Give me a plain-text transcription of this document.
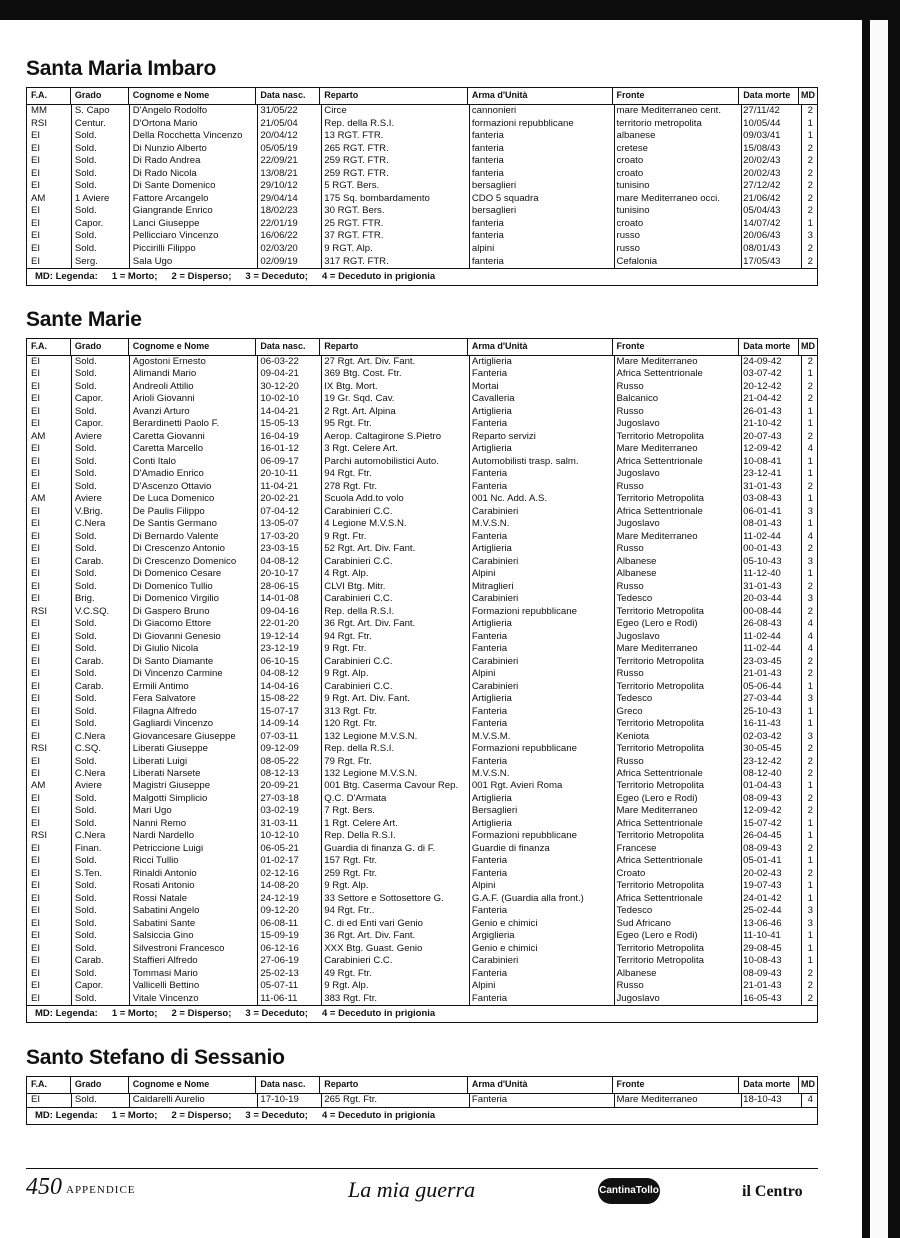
Santa Maria Imbaro
F.A.	Grado	Cognome e Nome	Data nasc.	Reparto	Arma d'Unità	Fronte	Data morte	MD
MM	S. Capo	D'Angelo Rodolfo	31/05/22	Circe	cannonieri	mare Mediterraneo cent.	27/11/42	2
RSI	Centur.	D'Ortona Mario	21/05/04	Rep. della R.S.I.	formazioni repubblicane	territorio metropolita	10/05/44	1
EI	Sold.	Della Rocchetta Vincenzo	20/04/12	13 RGT. FTR.	fanteria	albanese	09/03/41	1
EI	Sold.	Di Nunzio Alberto	05/05/19	265 RGT. FTR.	fanteria	cretese	15/08/43	2
EI	Sold.	Di Rado Andrea	22/09/21	259 RGT. FTR.	fanteria	croato	20/02/43	2
EI	Sold.	Di Rado Nicola	13/08/21	259 RGT. FTR.	fanteria	croato	20/02/43	2
EI	Sold.	Di Sante Domenico	29/10/12	5 RGT. Bers.	bersaglieri	tunisino	27/12/42	2
AM	1 Aviere	Fattore Arcangelo	29/04/14	175 Sq. bombardamento	CDO 5 squadra	mare Mediterraneo occi.	21/06/42	2
EI	Sold.	Giangrande Enrico	18/02/23	30 RGT. Bers.	bersaglieri	tunisino	05/04/43	2
EI	Capor.	Lanci Giuseppe	22/01/19	25 RGT. FTR.	fanteria	croato	14/07/42	1
EI	Sold.	Pellicciaro Vincenzo	16/06/22	37 RGT. FTR.	fanteria	russo	20/06/43	3
EI	Sold.	Piccirilli Filippo	02/03/20	9 RGT. Alp.	alpini	russo	08/01/43	2
EI	Serg.	Sala Ugo	02/09/19	317 RGT. FTR.	fanteria	Cefalonia	17/05/43	2
MD: Legenda: 1 = Morto; 2 = Disperso; 3 = Deceduto; 4 = Deceduto in prigionia
Sante Marie
F.A.	Grado	Cognome e Nome	Data nasc.	Reparto	Arma d'Unità	Fronte	Data morte	MD
EI	Sold.	Agostoni Ernesto	06-03-22	27 Rgt. Art. Div. Fant.	Artiglieria	Mare Mediterraneo	24-09-42	2
EI	Sold.	Alimandi Mario	09-04-21	369 Btg. Cost. Ftr.	Fanteria	Africa Settentrionale	03-07-42	1
EI	Sold.	Andreoli Attilio	30-12-20	IX Btg. Mort.	Mortai	Russo	20-12-42	2
EI	Capor.	Arioli Giovanni	10-02-10	19 Gr. Sqd. Cav.	Cavalleria	Balcanico	21-04-42	2
EI	Sold.	Avanzi Arturo	14-04-21	2 Rgt. Art. Alpina	Artiglieria	Russo	26-01-43	1
EI	Capor.	Berardinetti Paolo F.	15-05-13	95 Rgt. Ftr.	Fanteria	Jugoslavo	21-10-42	1
AM	Aviere	Caretta Giovanni	16-04-19	Aerop. Caltagirone S.Pietro	Reparto servizi	Territorio Metropolita	20-07-43	2
EI	Sold.	Caretta Marcello	16-01-12	3 Rgt. Celere Art.	Artiglieria	Mare Mediterraneo	12-09-42	4
EI	Sold.	Conti Italo	06-09-17	Parchi automobilistici Auto.	Automobilisti trasp. salm.	Africa Settentrionale	10-08-41	1
EI	Sold.	D'Amadio Enrico	20-10-11	94 Rgt. Ftr.	Fanteria	Jugoslavo	23-12-41	1
EI	Sold.	D'Ascenzo Ottavio	11-04-21	278 Rgt. Ftr.	Fanteria	Russo	31-01-43	2
AM	Aviere	De Luca Domenico	20-02-21	Scuola Add.to volo	001 Nc. Add. A.S.	Territorio Metropolita	03-08-43	1
EI	V.Brig.	De Paulis Filippo	07-04-12	Carabinieri C.C.	Carabinieri	Africa Settentrionale	06-01-41	3
EI	C.Nera	De Santis Germano	13-05-07	4 Legione M.V.S.N.	M.V.S.N.	Jugoslavo	08-01-43	1
EI	Sold.	Di Bernardo Valente	17-03-20	9 Rgt. Ftr.	Fanteria	Mare Mediterraneo	11-02-44	4
EI	Sold.	Di Crescenzo Antonio	23-03-15	52 Rgt. Art. Div. Fant.	Artiglieria	Russo	00-01-43	2
EI	Carab.	Di Crescenzo Domenico	04-08-12	Carabinieri C.C.	Carabinieri	Albanese	05-10-43	3
EI	Sold.	Di Domenico Cesare	20-10-17	4 Rgt. Alp.	Alpini	Albanese	11-12-40	1
EI	Sold.	Di Domenico Tullio	28-06-15	CLVI Btg. Mitr.	Mitraglieri	Russo	31-01-43	2
EI	Brig.	Di Domenico Virgilio	14-01-08	Carabinieri C.C.	Carabinieri	Tedesco	20-03-44	3
RSI	V.C.SQ.	Di Gaspero Bruno	09-04-16	Rep. della R.S.I.	Formazioni repubblicane	Territorio Metropolita	00-08-44	2
EI	Sold.	Di Giacomo Ettore	22-01-20	36 Rgt. Art. Div. Fant.	Artiglieria	Egeo (Lero e Rodi)	26-08-43	4
EI	Sold.	Di Giovanni Genesio	19-12-14	94 Rgt. Ftr.	Fanteria	Jugoslavo	11-02-44	4
EI	Sold.	Di Giulio Nicola	23-12-19	9 Rgt. Ftr.	Fanteria	Mare Mediterraneo	11-02-44	4
EI	Carab.	Di Santo Diamante	06-10-15	Carabinieri C.C.	Carabinieri	Territorio Metropolita	23-03-45	2
EI	Sold.	Di Vincenzo Carmine	04-08-12	9 Rgt. Alp.	Alpini	Russo	21-01-43	2
EI	Carab.	Ermili Antimo	14-04-16	Carabinieri C.C.	Carabinieri	Territorio Metropolita	05-06-44	1
EI	Sold.	Fera Salvatore	15-08-22	9 Rgt. Art. Div. Fant.	Artiglieria	Tedesco	27-03-44	3
EI	Sold.	Filagna Alfredo	15-07-17	313 Rgt. Ftr.	Fanteria	Greco	25-10-43	1
EI	Sold.	Gagliardi Vincenzo	14-09-14	120 Rgt. Ftr.	Fanteria	Territorio Metropolita	16-11-43	1
EI	C.Nera	Giovancesare Giuseppe	07-03-11	132 Legione M.V.S.N.	M.V.S.M.	Keniota	02-03-42	3
RSI	C.SQ.	Liberati Giuseppe	09-12-09	Rep. della R.S.I.	Formazioni repubblicane	Territorio Metropolita	30-05-45	2
EI	Sold.	Liberati Luigi	08-05-22	79 Rgt. Ftr.	Fanteria	Russo	23-12-42	2
EI	C.Nera	Liberati Narsete	08-12-13	132 Legione M.V.S.N.	M.V.S.N.	Africa Settentrionale	08-12-40	2
AM	Aviere	Magistri Giuseppe	20-09-21	001 Btg. Caserma Cavour Rep.	001 Rgt. Avieri Roma	Territorio Metropolita	01-04-43	1
EI	Sold.	Malgotti Simplicio	27-03-18	Q.C. D'Armata	Artiglieria	Egeo (Lero e Rodi)	08-09-43	2
EI	Sold.	Mari Ugo	03-02-19	7 Rgt. Bers.	Bersaglieri	Mare Mediterraneo	12-09-42	2
EI	Sold.	Nanni Remo	31-03-11	1 Rgt. Celere Art.	Artiglieria	Africa Settentrionale	15-07-42	1
RSI	C.Nera	Nardi Nardello	10-12-10	Rep. Della R.S.I.	Formazioni repubblicane	Territorio Metropolita	26-04-45	1
EI	Finan.	Petriccione Luigi	06-05-21	Guardia di finanza G. di F.	Guardie di finanza	Francese	08-09-43	2
EI	Sold.	Ricci Tullio	01-02-17	157 Rgt. Ftr.	Fanteria	Africa Settentrionale	05-01-41	1
EI	S.Ten.	Rinaldi Antonio	02-12-16	259 Rgt. Ftr.	Fanteria	Croato	20-02-43	2
EI	Sold.	Rosati Antonio	14-08-20	9 Rgt. Alp.	Alpini	Territorio Metropolita	19-07-43	1
EI	Sold.	Rossi Natale	24-12-19	33 Settore e Sottosettore G.	G.A.F. (Guardia alla front.)	Africa Settentrionale	24-01-42	1
EI	Sold.	Sabatini Angelo	09-12-20	94 Rgt. Ftr..	Fanteria	Tedesco	25-02-44	3
EI	Sold.	Sabatini Sante	06-08-11	C. di ed Enti vari Genio	Genio e chimici	Sud Africano	13-06-46	3
EI	Sold.	Salsiccia Gino	15-09-19	36 Rgt. Art. Div. Fant.	Argiglieria	Egeo (Lero e Rodi)	11-10-41	1
EI	Sold.	Silvestroni Francesco	06-12-16	XXX Btg. Guast. Genio	Genio e chimici	Territorio Metropolita	29-08-45	1
EI	Carab.	Staffieri Alfredo	27-06-19	Carabinieri C.C.	Carabinieri	Territorio Metropolita	10-08-43	1
EI	Sold.	Tommasi Mario	25-02-13	49 Rgt. Ftr.	Fanteria	Albanese	08-09-43	2
EI	Capor.	Vallicelli Bettino	05-07-11	9 Rgt. Alp.	Alpini	Russo	21-01-43	2
EI	Sold.	Vitale Vincenzo	11-06-11	383 Rgt. Ftr.	Fanteria	Jugoslavo	16-05-43	2
MD: Legenda: 1 = Morto; 2 = Disperso; 3 = Deceduto; 4 = Deceduto in prigionia
Santo Stefano di Sessanio
F.A.	Grado	Cognome e Nome	Data nasc.	Reparto	Arma d'Unità	Fronte	Data morte	MD
EI	Sold.	Caldarelli Aurelio	17-10-19	265 Rgt. Ftr.	Fanteria	Mare Mediterraneo	18-10-43	4
MD: Legenda: 1 = Morto; 2 = Disperso; 3 = Deceduto; 4 = Deceduto in prigionia
450 APPENDICE	La mia guerra	CantinaTollo	il Centro
